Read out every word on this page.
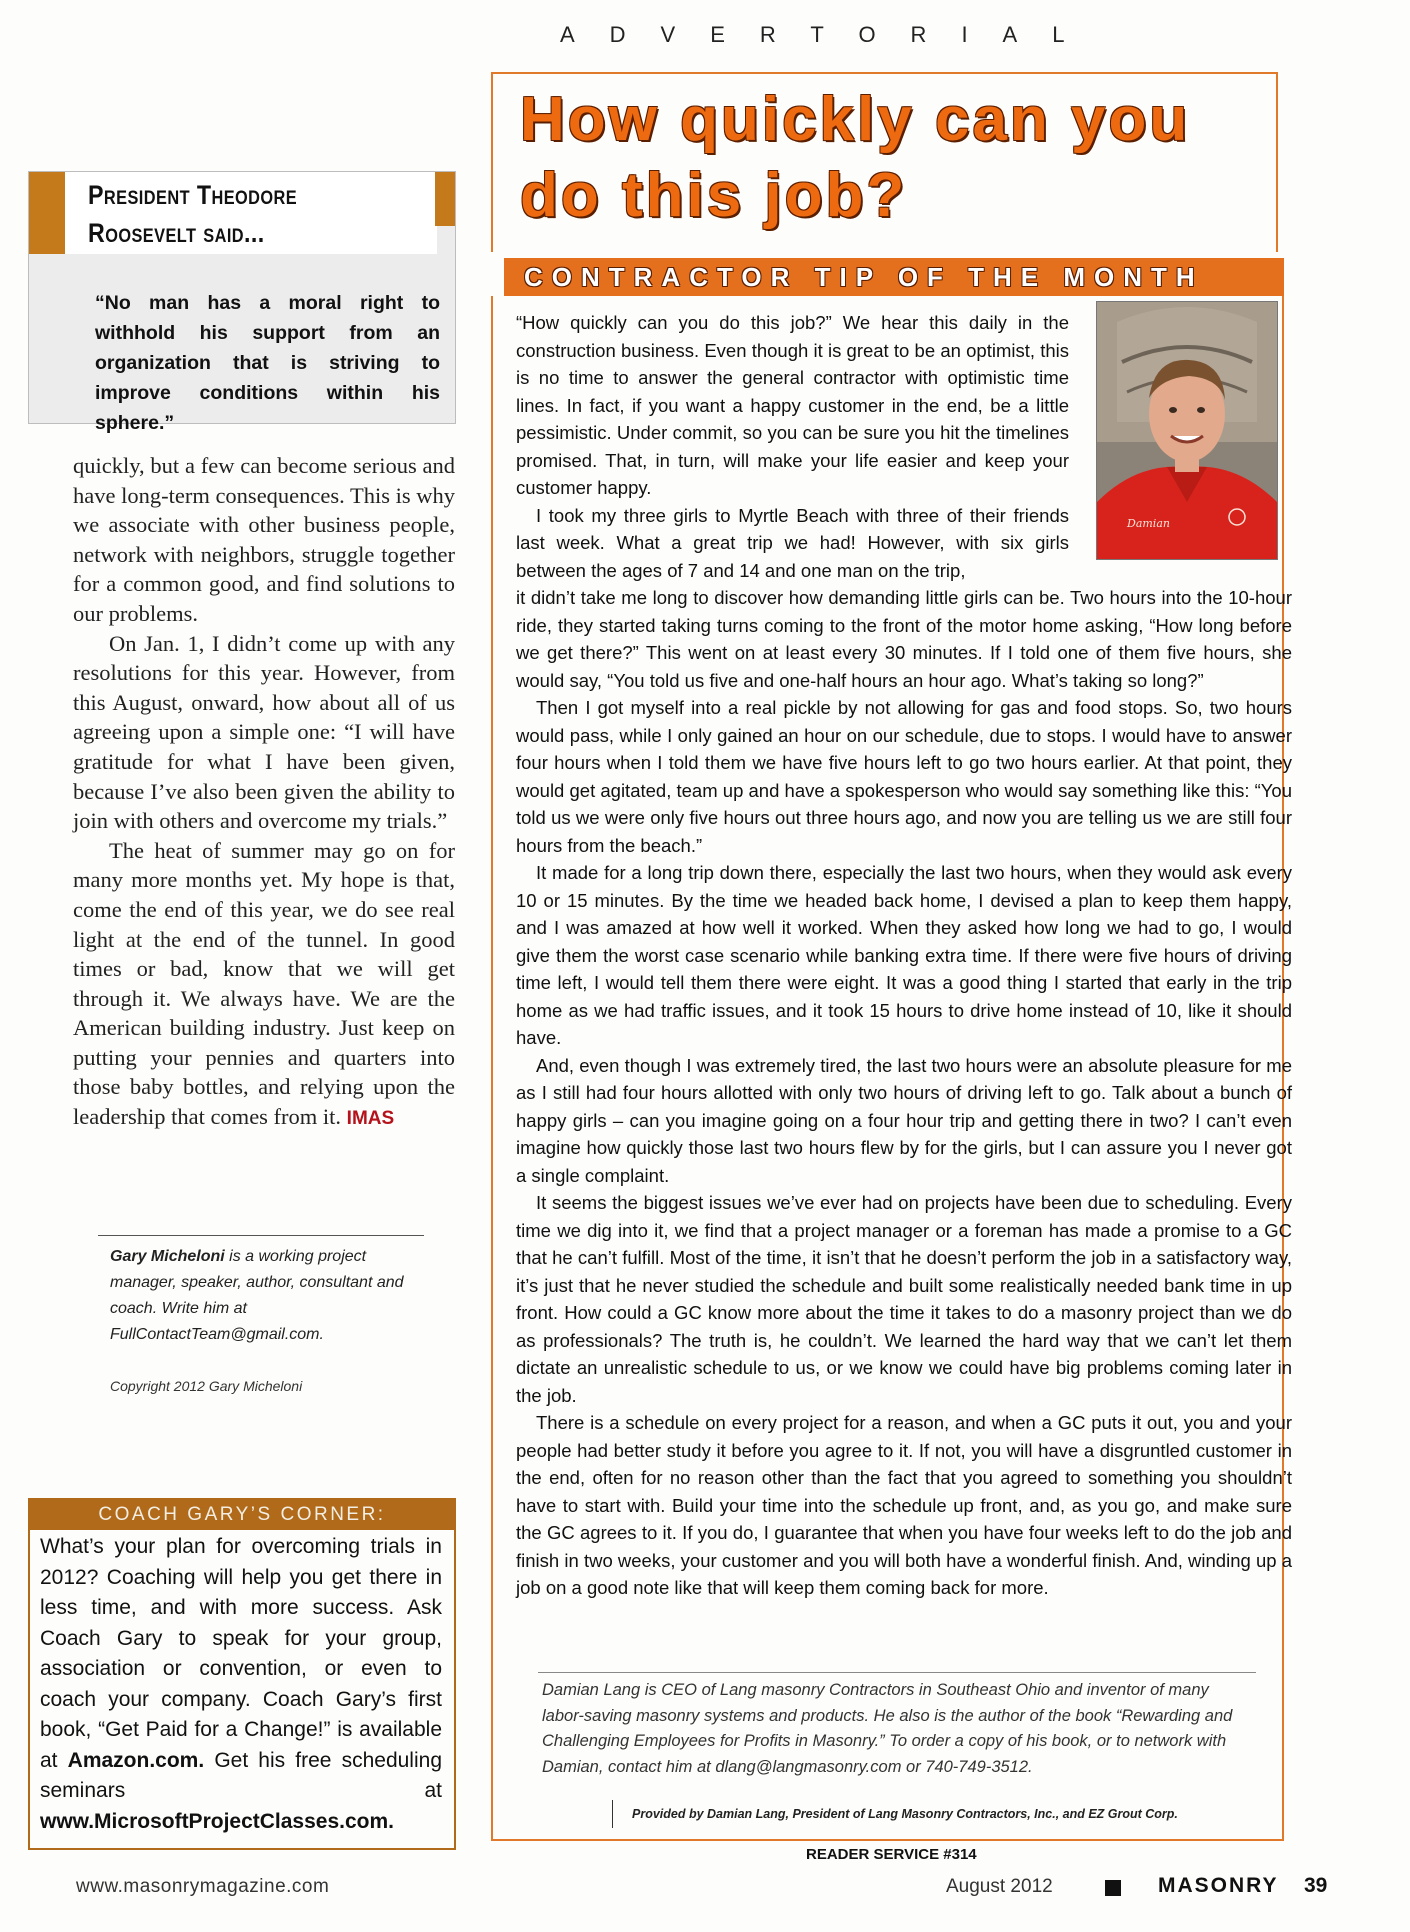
ADVERTORIAL
President Theodore
Roosevelt said...
“No man has a moral right to withhold his support from an organization that is striving to improve conditions within his sphere.”

quickly, but a few can become serious and have long-term consequences. This is why we associate with other business people, network with neighbors, struggle together for a common good, and find solutions to our problems.

On Jan. 1, I didn’t come up with any resolutions for this year. However, from this August, onward, how about all of us agreeing upon a simple one: “I will have gratitude for what I have been given, because I’ve also been given the ability to join with others and overcome my trials.”

The heat of summer may go on for many more months yet. My hope is that, come the end of this year, we do see real light at the end of the tunnel. In good times or bad, know that we will get through it. We always have. We are the American building industry. Just keep on putting your pennies and quarters into those baby bottles, and relying upon the leadership that comes from it. IMAS

Gary Micheloni is a working project manager, speaker, author, consultant and coach. Write him at FullContactTeam@gmail.com.
Copyright 2012 Gary Micheloni
COACH GARY’S CORNER:
What’s your plan for overcoming trials in 2012? Coaching will help you get there in less time, and with more success. Ask Coach Gary to speak for your group, association or convention, or even to coach your company. Coach Gary’s first book, “Get Paid for a Change!” is available at Amazon.com. Get his free scheduling seminars at www.MicrosoftProjectClasses.com.
How quickly can you do this job?
CONTRACTOR TIP OF THE MONTH
Damian

“How quickly can you do this job?” We hear this daily in the construction business. Even though it is great to be an optimist, this is no time to answer the general contractor with optimistic time lines. In fact, if you want a happy customer in the end, be a little pessimistic. Under commit, so you can be sure you hit the timelines promised. That, in turn, will make your life easier and keep your customer happy.

I took my three girls to Myrtle Beach with three of their friends last week. What a great trip we had! However, with six girls between the ages of 7 and 14 and one man on the trip,

it didn’t take me long to discover how demanding little girls can be. Two hours into the 10-hour ride, they started taking turns coming to the front of the motor home asking, “How long before we get there?” This went on at least every 30 minutes. If I told one of them five hours, she would say, “You told us five and one-half hours an hour ago. What’s taking so long?”

Then I got myself into a real pickle by not allowing for gas and food stops. So, two hours would pass, while I only gained an hour on our schedule, due to stops. I would have to answer four hours when I told them we have five hours left to go two hours earlier. At that point, they would get agitated, team up and have a spokesperson who would say something like this: “You told us we were only five hours out three hours ago, and now you are telling us we are still four hours from the beach.”

It made for a long trip down there, especially the last two hours, when they would ask every 10 or 15 minutes. By the time we headed back home, I devised a plan to keep them happy, and I was amazed at how well it worked. When they asked how long we had to go, I would give them the worst case scenario while banking extra time. If there were five hours of driving time left, I would tell them there were eight. It was a good thing I started that early in the trip home as we had traffic issues, and it took 15 hours to drive home instead of 10, like it should have.

And, even though I was extremely tired, the last two hours were an absolute pleasure for me as I still had four hours allotted with only two hours of driving left to go. Talk about a bunch of happy girls – can you imagine going on a four hour trip and getting there in two? I can’t even imagine how quickly those last two hours flew by for the girls, but I can assure you I never got a single complaint.

It seems the biggest issues we’ve ever had on projects have been due to scheduling. Every time we dig into it, we find that a project manager or a foreman has made a promise to a GC that he can’t fulfill. Most of the time, it isn’t that he doesn’t perform the job in a satisfactory way, it’s just that he never studied the schedule and built some realistically needed bank time in up front. How could a GC know more about the time it takes to do a masonry project than we do as professionals? The truth is, he couldn’t. We learned the hard way that we can’t let them dictate an unrealistic schedule to us, or we know we could have big problems coming later in the job.

There is a schedule on every project for a reason, and when a GC puts it out, you and your people had better study it before you agree to it. If not, you will have a disgruntled customer in the end, often for no reason other than the fact that you agreed to something you shouldn’t have to start with. Build your time into the schedule up front, and, as you go, and make sure the GC agrees to it. If you do, I guarantee that when you have four weeks left to do the job and finish in two weeks, your customer and you will both have a wonderful finish. And, winding up a job on a good note like that will keep them coming back for more.

Damian Lang is CEO of Lang masonry Contractors in Southeast Ohio and inventor of many labor-saving masonry systems and products. He also is the author of the book “Rewarding and Challenging Employees for Profits in Masonry.” To order a copy of his book, or to network with Damian, contact him at dlang@langmasonry.com or 740-749-3512.
Provided by Damian Lang, President of Lang Masonry Contractors, Inc., and EZ Grout Corp.
READER SERVICE #314
www.masonrymagazine.com	August 2012	MASONRY 39
